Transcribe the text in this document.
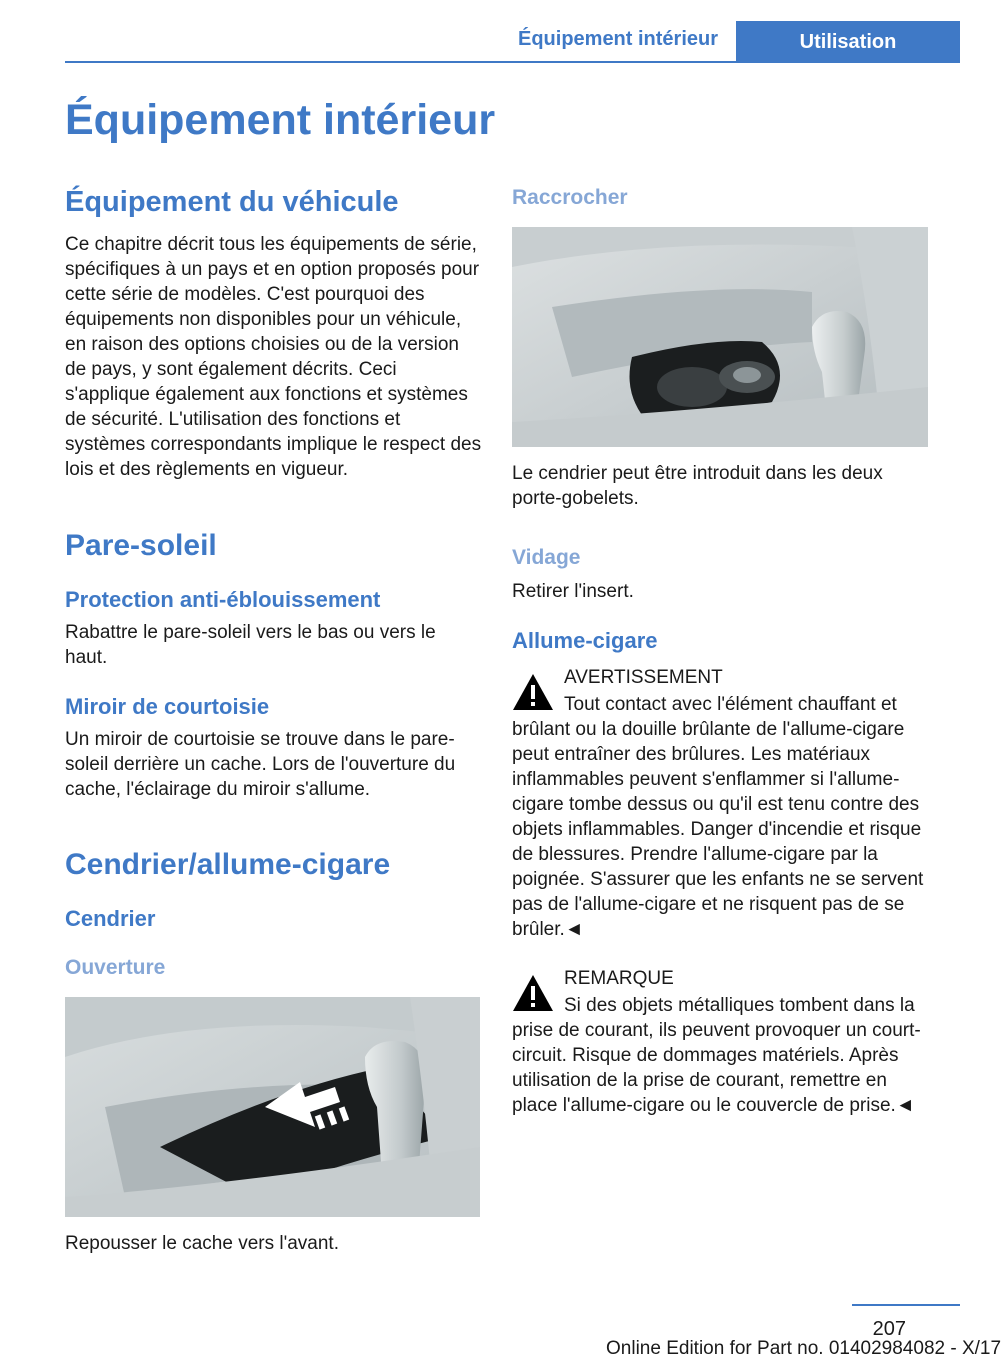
Équipement intérieur	Utilisation
Équipement intérieur
Équipement du véhicule

Ce chapitre décrit tous les équipements de série, spécifiques à un pays et en option proposés pour cette série de modèles. C'est pourquoi des équipements non disponibles pour un véhicule, en raison des options choisies ou de la version de pays, y sont également décrits. Ceci s'applique également aux fonctions et systèmes de sécurité. L'utilisation des fonctions et systèmes correspondants implique le respect des lois et des règlements en vigueur.

Pare-soleil
Protection anti-éblouissement

Rabattre le pare-soleil vers le bas ou vers le haut.

Miroir de courtoisie

Un miroir de courtoisie se trouve dans le pare-soleil derrière un cache. Lors de l'ouverture du cache, l'éclairage du miroir s'allume.

Cendrier/allume-cigare
Cendrier
Ouverture

Repousser le cache vers l'avant.

Raccrocher

Le cendrier peut être introduit dans les deux porte-gobelets.

Vidage

Retirer l'insert.

Allume-cigare
AVERTISSEMENT

Tout contact avec l'élément chauffant et brûlant ou la douille brûlante de l'allume-cigare peut entraîner des brûlures. Les matériaux inflammables peuvent s'enflammer si l'allume-cigare tombe dessus ou qu'il est tenu contre des objets inflammables. Danger d'incendie et risque de blessures. Prendre l'allume-cigare par la poignée. S'assurer que les enfants ne se servent pas de l'allume-cigare et ne risquent pas de se brûler.◄

REMARQUE

Si des objets métalliques tombent dans la prise de courant, ils peuvent provoquer un court-circuit. Risque de dommages matériels. Après utilisation de la prise de courant, remettre en place l'allume-cigare ou le couvercle de prise.◄

207
Online Edition for Part no. 01402984082 - X/17
